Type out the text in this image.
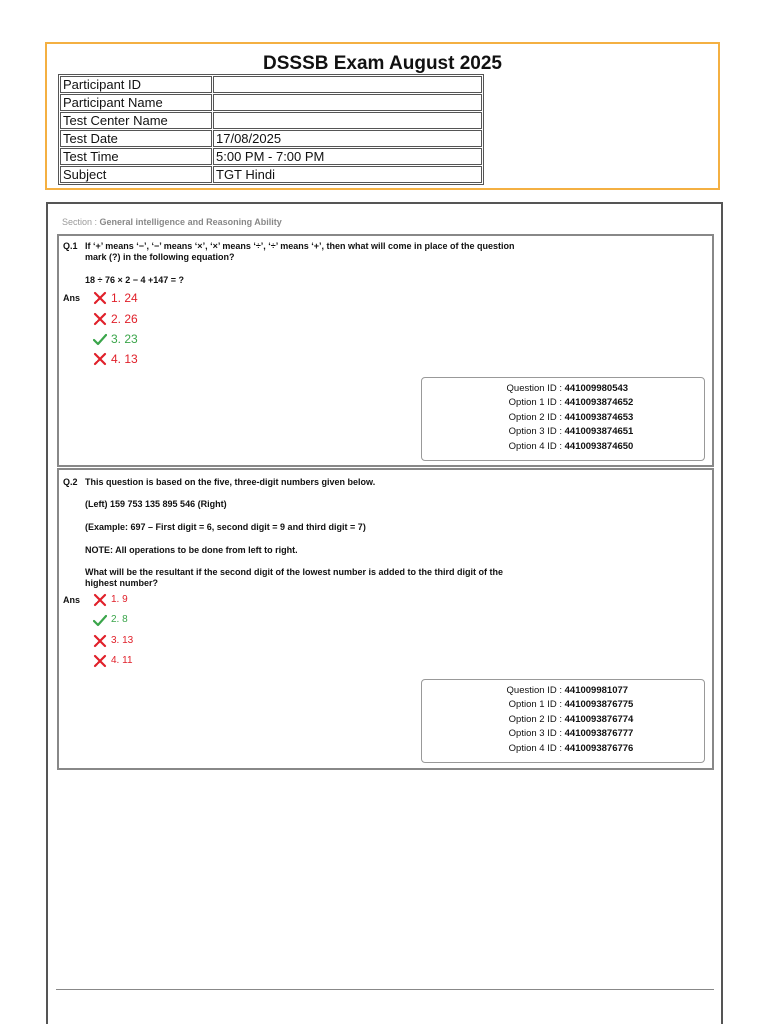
DSSSB Exam August 2025
Participant ID	
Participant Name	
Test Center Name	
Test Date	17/08/2025
Test Time	5:00 PM - 7:00 PM
Subject	TGT Hindi
Section : General intelligence and Reasoning Ability
Q.1 If ‘+’ means ‘−’, ‘−’ means ‘×’, ‘×’ means ‘÷’, ‘÷’ means ‘+’, then what will come in place of the question mark (?) in the following equation?
18 ÷ 76 × 2 − 4 +147 = ?
Ans	1. 24
2. 26
3. 23
4. 13
Question ID : 441009980543
Option 1 ID : 4410093874652
Option 2 ID : 4410093874653
Option 3 ID : 4410093874651
Option 4 ID : 4410093874650
Q.2 This question is based on the five, three-digit numbers given below.
(Left) 159 753 135 895 546 (Right)
(Example: 697 – First digit = 6, second digit = 9 and third digit = 7)
NOTE: All operations to be done from left to right.
What will be the resultant if the second digit of the lowest number is added to the third digit of the highest number?
Ans	1. 9
2. 8
3. 13
4. 11
Question ID : 441009981077
Option 1 ID : 4410093876775
Option 2 ID : 4410093876774
Option 3 ID : 4410093876777
Option 4 ID : 4410093876776
